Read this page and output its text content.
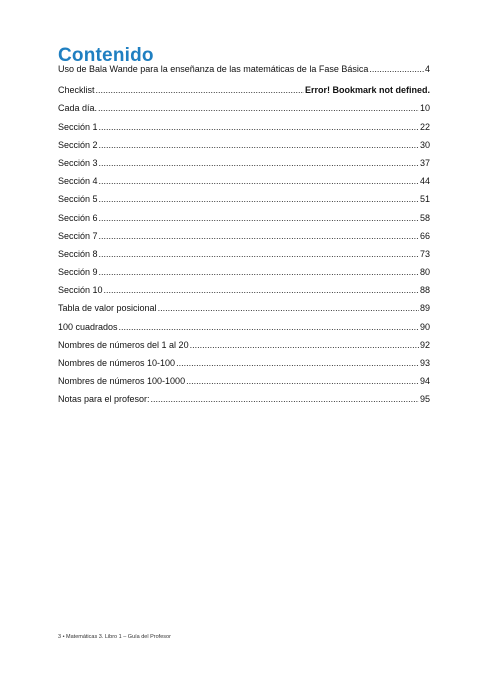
Contenido
Uso de Bala Wande para la enseñanza de las matemáticas de la Fase Básica .....	4
Checklist .....	Error! Bookmark not defined.
Cada día. .....	10
Sección 1 .....	22
Sección 2 .....	30
Sección 3 .....	37
Sección 4 .....	44
Sección 5 .....	51
Sección 6 .....	58
Sección 7 .....	66
Sección 8 .....	73
Sección 9 .....	80
Sección 10 .....	88
Tabla de valor posicional .....	89
100 cuadrados .....	90
Nombres de números del 1 al 20 .....	92
Nombres de números 10-100 .....	93
Nombres de números 100-1000 .....	94
Notas para el profesor: .....	95
3 • Matemáticas 3. Libro 1 – Guía del Profesor
